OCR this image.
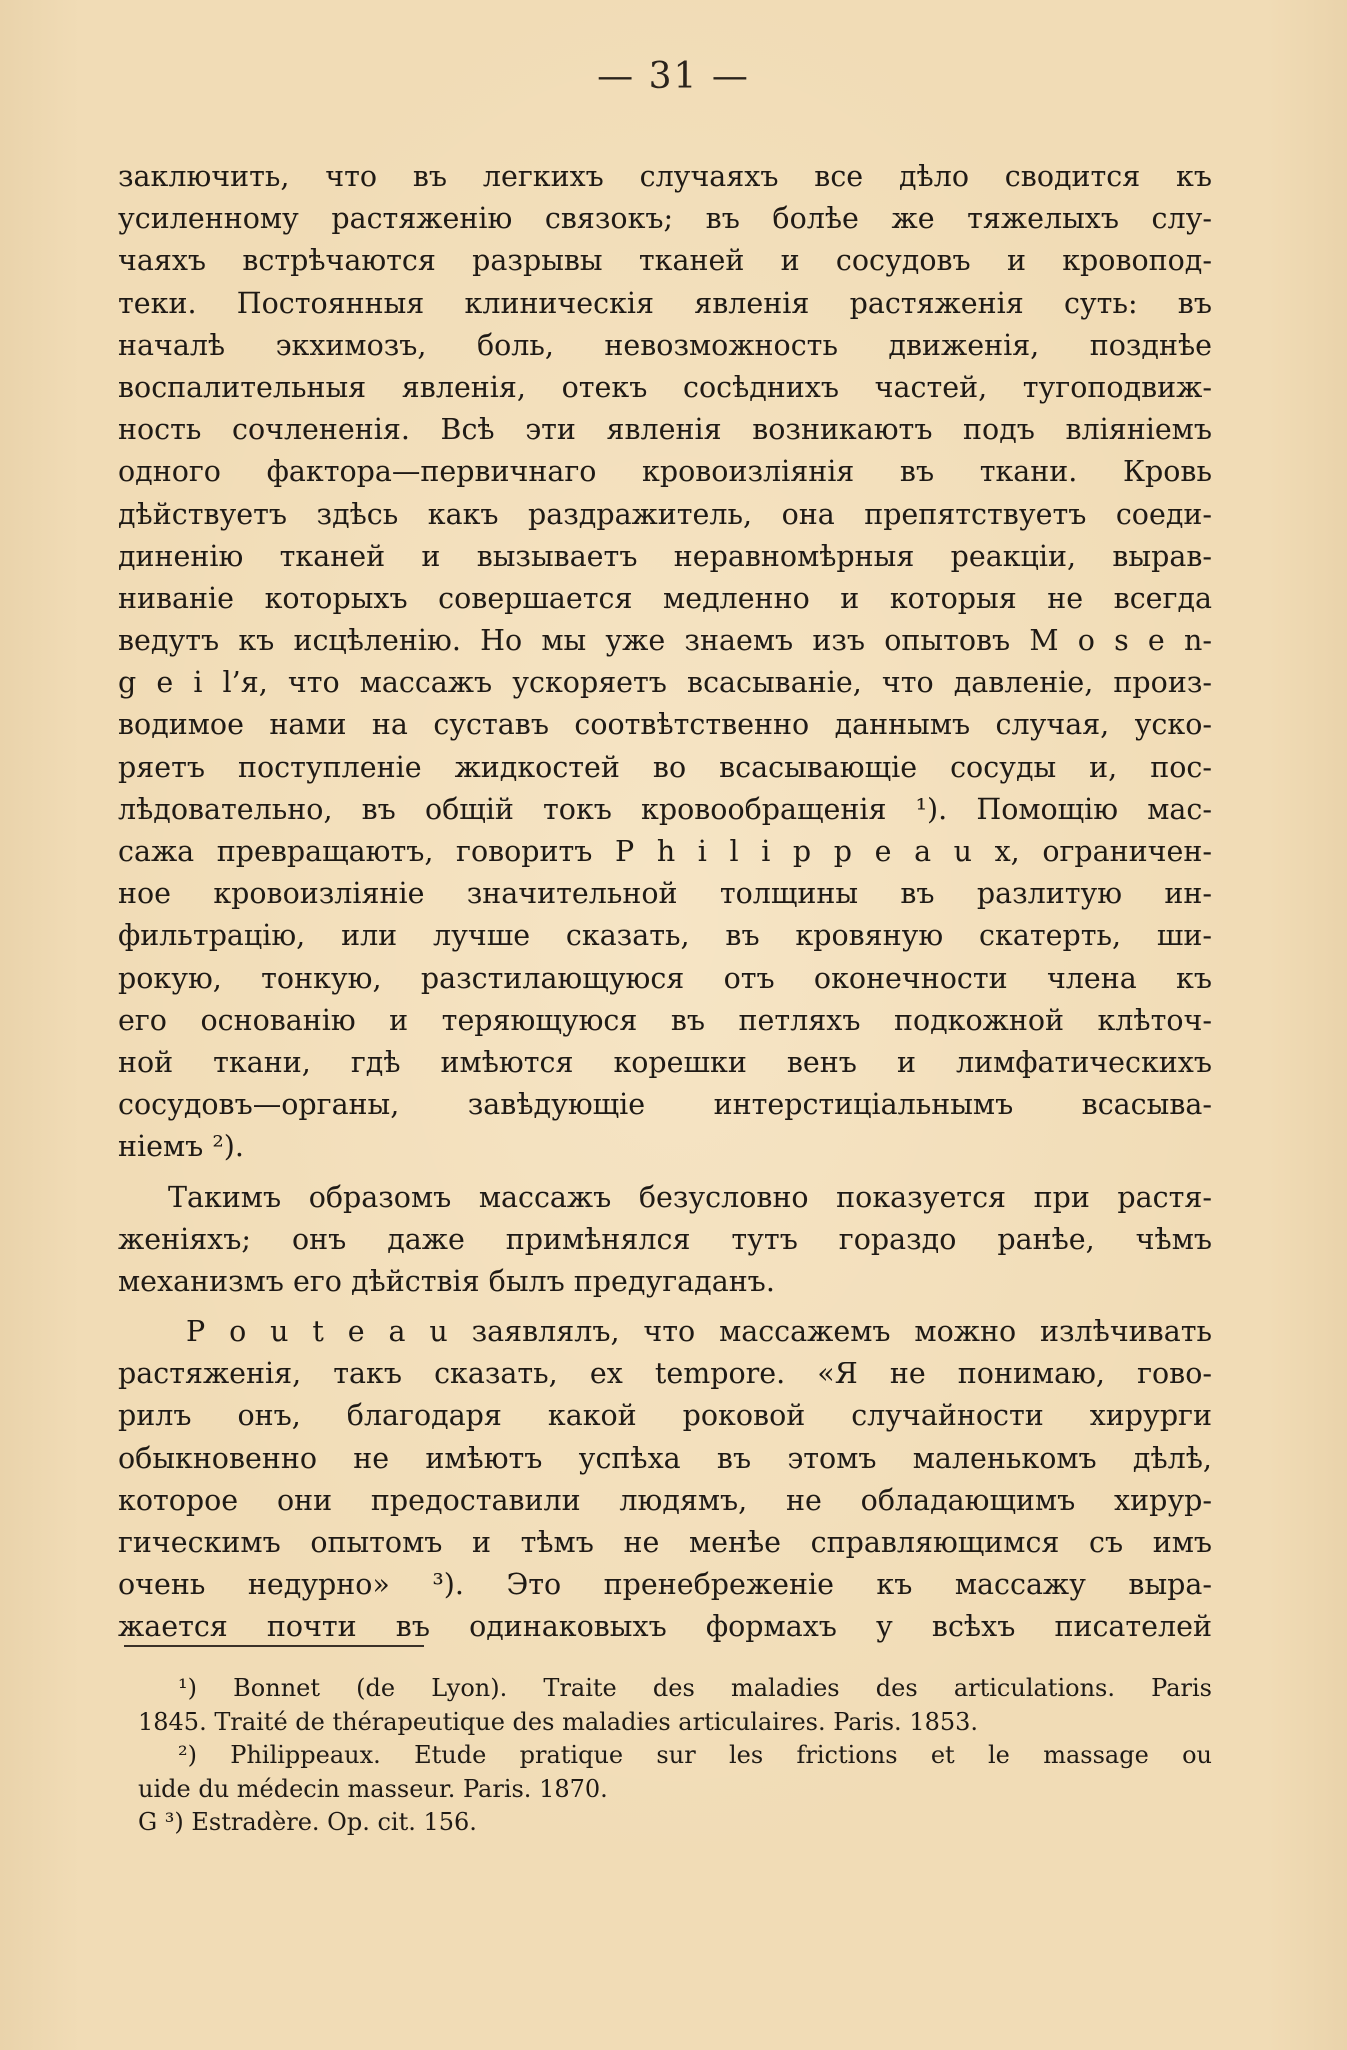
— 31 —
заключить, что въ легкихъ случаяхъ все дѣло сводится къ
усиленному растяженію связокъ; въ болѣе же тяжелыхъ слу-
чаяхъ встрѣчаются разрывы тканей и сосудовъ и кровопод-
теки. Постоянныя клиническія явленія растяженія суть: въ
началѣ экхимозъ, боль, невозможность движенія, позднѣе
воспалительныя явленія, отекъ сосѣднихъ частей, тугоподвиж-
ность сочлененія. Всѣ эти явленія возникаютъ подъ вліяніемъ
одного фактора—первичнаго кровоизліянія въ ткани. Кровь
дѣйствуетъ здѣсь какъ раздражитель, она препятствуетъ соеди-
диненію тканей и вызываетъ неравномѣрныя реакціи, вырав-
ниваніе которыхъ совершается медленно и которыя не всегда
ведутъ къ исцѣленію. Но мы уже знаемъ изъ опытовъ M o s e n-
g e i l’я, что массажъ ускоряетъ всасываніе, что давленіе, произ-
водимое нами на суставъ соотвѣтственно даннымъ случая, уско-
ряетъ поступленіе жидкостей во всасывающіе сосуды и, пос-
лѣдовательно, въ общій токъ кровообращенія ¹). Помощію мас-
сажа превращаютъ, говоритъ P h i l i p p e a u x, ограничен-
ное кровоизліяніе значительной толщины въ разлитую ин-
фильтрацію, или лучше сказать, въ кровяную скатерть, ши-
рокую, тонкую, разстилающуюся отъ оконечности члена къ
его основанію и теряющуюся въ петляхъ подкожной клѣточ-
ной ткани, гдѣ имѣются корешки венъ и лимфатическихъ
сосудовъ—органы, завѣдующіе интерстиціальнымъ всасыва-
ніемъ ²).
Такимъ образомъ массажъ безусловно показуется при растя-
женіяхъ; онъ даже примѣнялся тутъ гораздо ранѣе, чѣмъ
механизмъ его дѣйствія былъ предугаданъ.
P o u t e a u заявлялъ, что массажемъ можно излѣчивать
растяженія, такъ сказать, ex tempore. «Я не понимаю, гово-
рилъ онъ, благодаря какой роковой случайности хирурги
обыкновенно не имѣютъ успѣха въ этомъ маленькомъ дѣлѣ,
которое они предоставили людямъ, не обладающимъ хирур-
гическимъ опытомъ и тѣмъ не менѣе справляющимся съ имъ
очень недурно» ³). Это пренебреженіе къ массажу выра-
жается почти въ одинаковыхъ формахъ у всѣхъ писателей
¹) Bonnet (de Lyon). Traite des maladies des articulations. Paris
1845. Traité de thérapeutique des maladies articulaires. Paris. 1853.
²) Philippeaux. Etude pratique sur les frictions et le massage ou
uide du médecin masseur. Paris. 1870.
G ³) Estradère. Op. cit. 156.
